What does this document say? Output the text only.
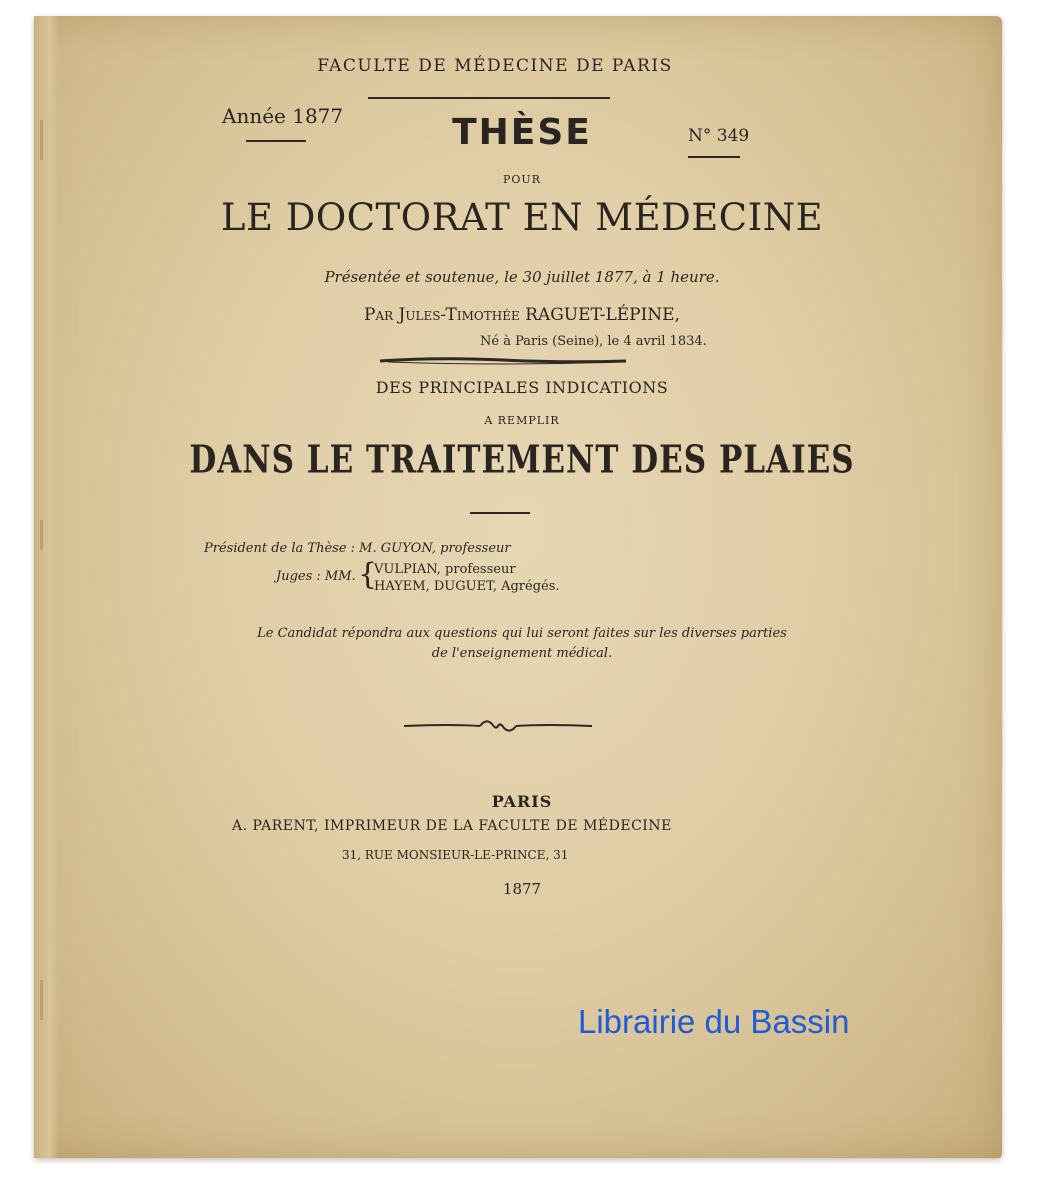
FACULTE DE MÉDECINE DE PARIS
Année 1877
N° 349
THÈSE
POUR
LE DOCTORAT EN MÉDECINE
Présentée et soutenue, le 30 juillet 1877, à 1 heure.
Par Jules-Timothée RAGUET-LÉPINE,
Né à Paris (Seine), le 4 avril 1834.
DES PRINCIPALES INDICATIONS
A REMPLIR
DANS LE TRAITEMENT DES PLAIES
Président de la Thèse : M. GUYON, professeur
Juges : MM. {
VULPIAN, professeur
HAYEM, DUGUET, Agrégés.
Le Candidat répondra aux questions qui lui seront faites sur les diverses parties
de l'enseignement médical.
PARIS
A. PARENT, IMPRIMEUR DE LA FACULTE DE MÉDECINE
31, RUE MONSIEUR-LE-PRINCE, 31
1877
Librairie du Bassin
